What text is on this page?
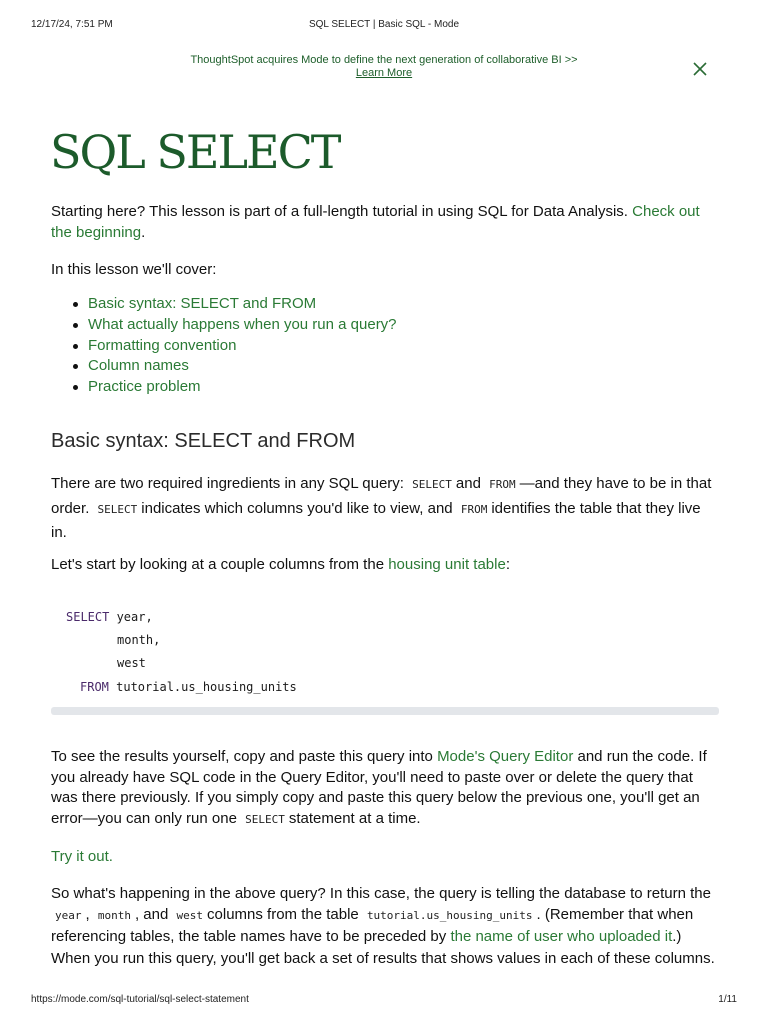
12/17/24, 7:51 PM	SQL SELECT | Basic SQL - Mode
ThoughtSpot acquires Mode to define the next generation of collaborative BI >>
Learn More
SQL SELECT

Starting here? This lesson is part of a full-length tutorial in using SQL for Data Analysis. Check out the beginning.

In this lesson we'll cover:

Basic syntax: SELECT and FROM
What actually happens when you run a query?
Formatting convention
Column names
Practice problem
Basic syntax: SELECT and FROM

There are two required ingredients in any SQL query: SELECT and FROM —and they have to be in that order. SELECT indicates which columns you'd like to view, and FROM identifies the table that they live in.

Let's start by looking at a couple columns from the housing unit table:

SELECT year,
month,
west
FROM tutorial.us_housing_units

To see the results yourself, copy and paste this query into Mode's Query Editor and run the code. If you already have SQL code in the Query Editor, you'll need to paste over or delete the query that was there previously. If you simply copy and paste this query below the previous one, you'll get an error—you can only run one SELECT statement at a time.

Try it out.

So what's happening in the above query? In this case, the query is telling the database to return the year , month , and west columns from the table tutorial.us_housing_units . (Remember that when referencing tables, the table names have to be preceded by the name of user who uploaded it.) When you run this query, you'll get back a set of results that shows values in each of these columns.

https://mode.com/sql-tutorial/sql-select-statement	1/11
